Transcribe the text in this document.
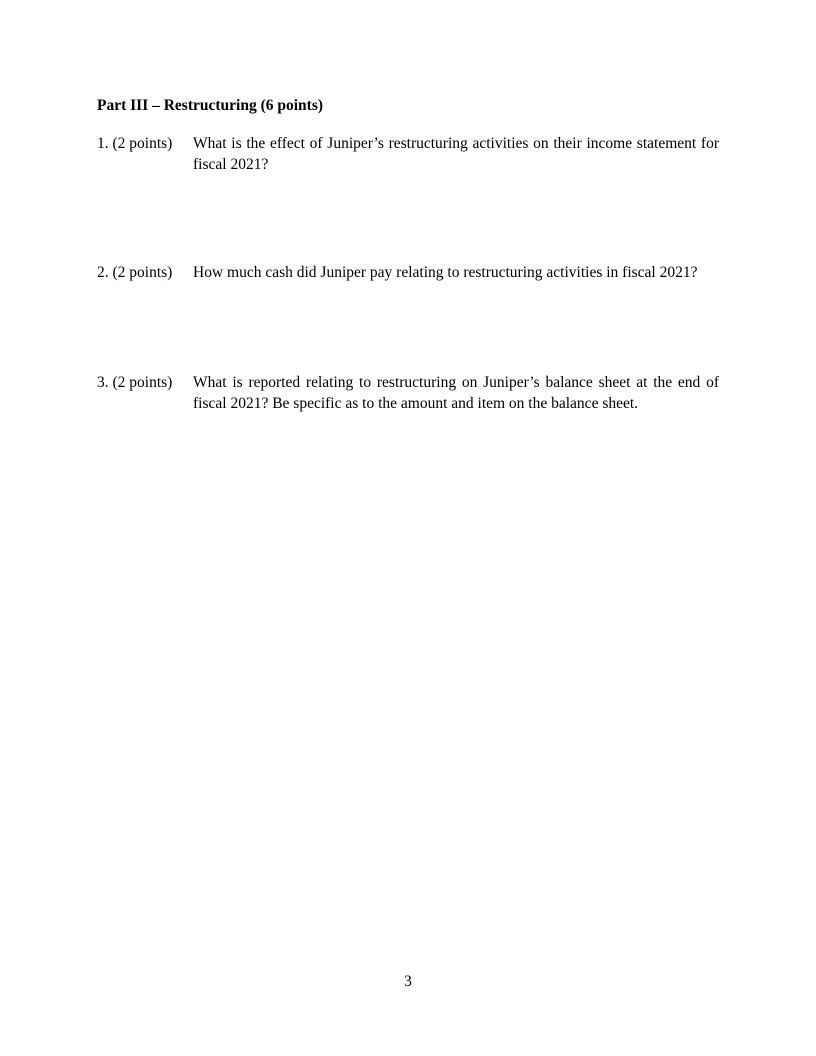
Part III – Restructuring (6 points)
1. (2 points) What is the effect of Juniper’s restructuring activities on their income statement for fiscal 2021?
2. (2 points) How much cash did Juniper pay relating to restructuring activities in fiscal 2021?
3. (2 points) What is reported relating to restructuring on Juniper’s balance sheet at the end of fiscal 2021? Be specific as to the amount and item on the balance sheet.
3
